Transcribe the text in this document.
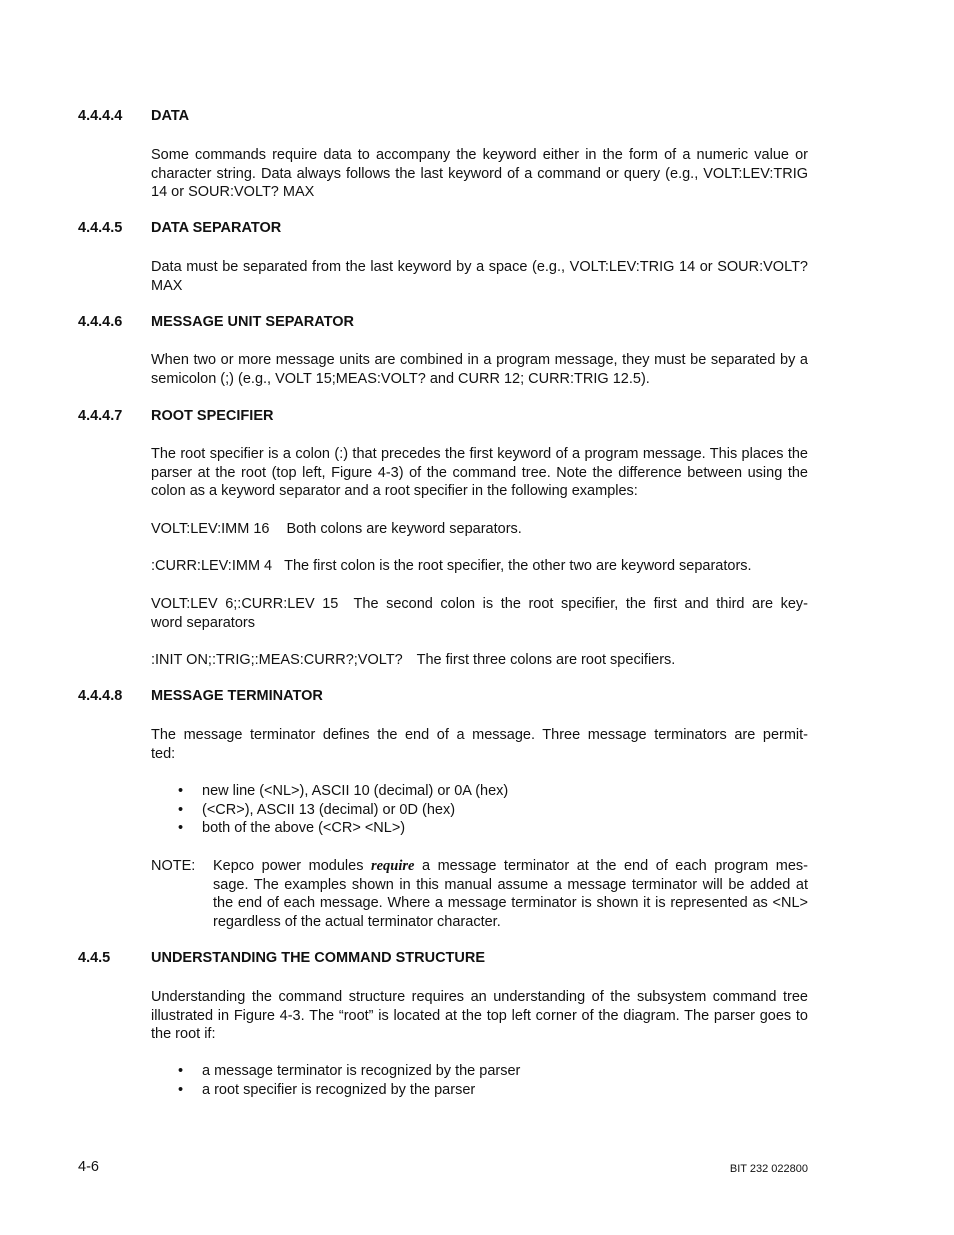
4.4.4.4 DATA
Some commands require data to accompany the keyword either in the form of a numeric value or character string. Data always follows the last keyword of a command or query (e.g., VOLT:LEV:TRIG 14 or SOUR:VOLT? MAX
4.4.4.5 DATA SEPARATOR
Data must be separated from the last keyword by a space (e.g., VOLT:LEV:TRIG 14 or SOUR:VOLT? MAX
4.4.4.6 MESSAGE UNIT SEPARATOR
When two or more message units are combined in a program message, they must be separated by a semicolon (;) (e.g., VOLT 15;MEAS:VOLT? and CURR 12; CURR:TRIG 12.5).
4.4.4.7 ROOT SPECIFIER
The root specifier is a colon (:) that precedes the first keyword of a program message. This places the parser at the root (top left, Figure 4-3) of the command tree. Note the difference between using the colon as a keyword separator and a root specifier in the following examples:
VOLT:LEV:IMM 16 Both colons are keyword separators.
:CURR:LEV:IMM 4 The first colon is the root specifier, the other two are keyword separators.
VOLT:LEV 6;:CURR:LEV 15 The second colon is the root specifier, the first and third are key-
word separators
:INIT ON;:TRIG;:MEAS:CURR?;VOLT? The first three colons are root specifiers.
4.4.4.8 MESSAGE TERMINATOR
The message terminator defines the end of a message. Three message terminators are permit-
ted:
• new line (<NL>), ASCII 10 (decimal) or 0A (hex)
• (<CR>), ASCII 13 (decimal) or 0D (hex)
• both of the above (<CR> <NL>)
NOTE: Kepco power modules require a message terminator at the end of each program mes-
sage. The examples shown in this manual assume a message terminator will be added at the end of each message. Where a message terminator is shown it is represented as <NL> regardless of the actual terminator character.
4.4.5	UNDERSTANDING THE COMMAND STRUCTURE
Understanding the command structure requires an understanding of the subsystem command tree illustrated in Figure 4-3. The “root” is located at the top left corner of the diagram. The parser goes to the root if:
• a message terminator is recognized by the parser
• a root specifier is recognized by the parser
4-6	BIT 232 022800
